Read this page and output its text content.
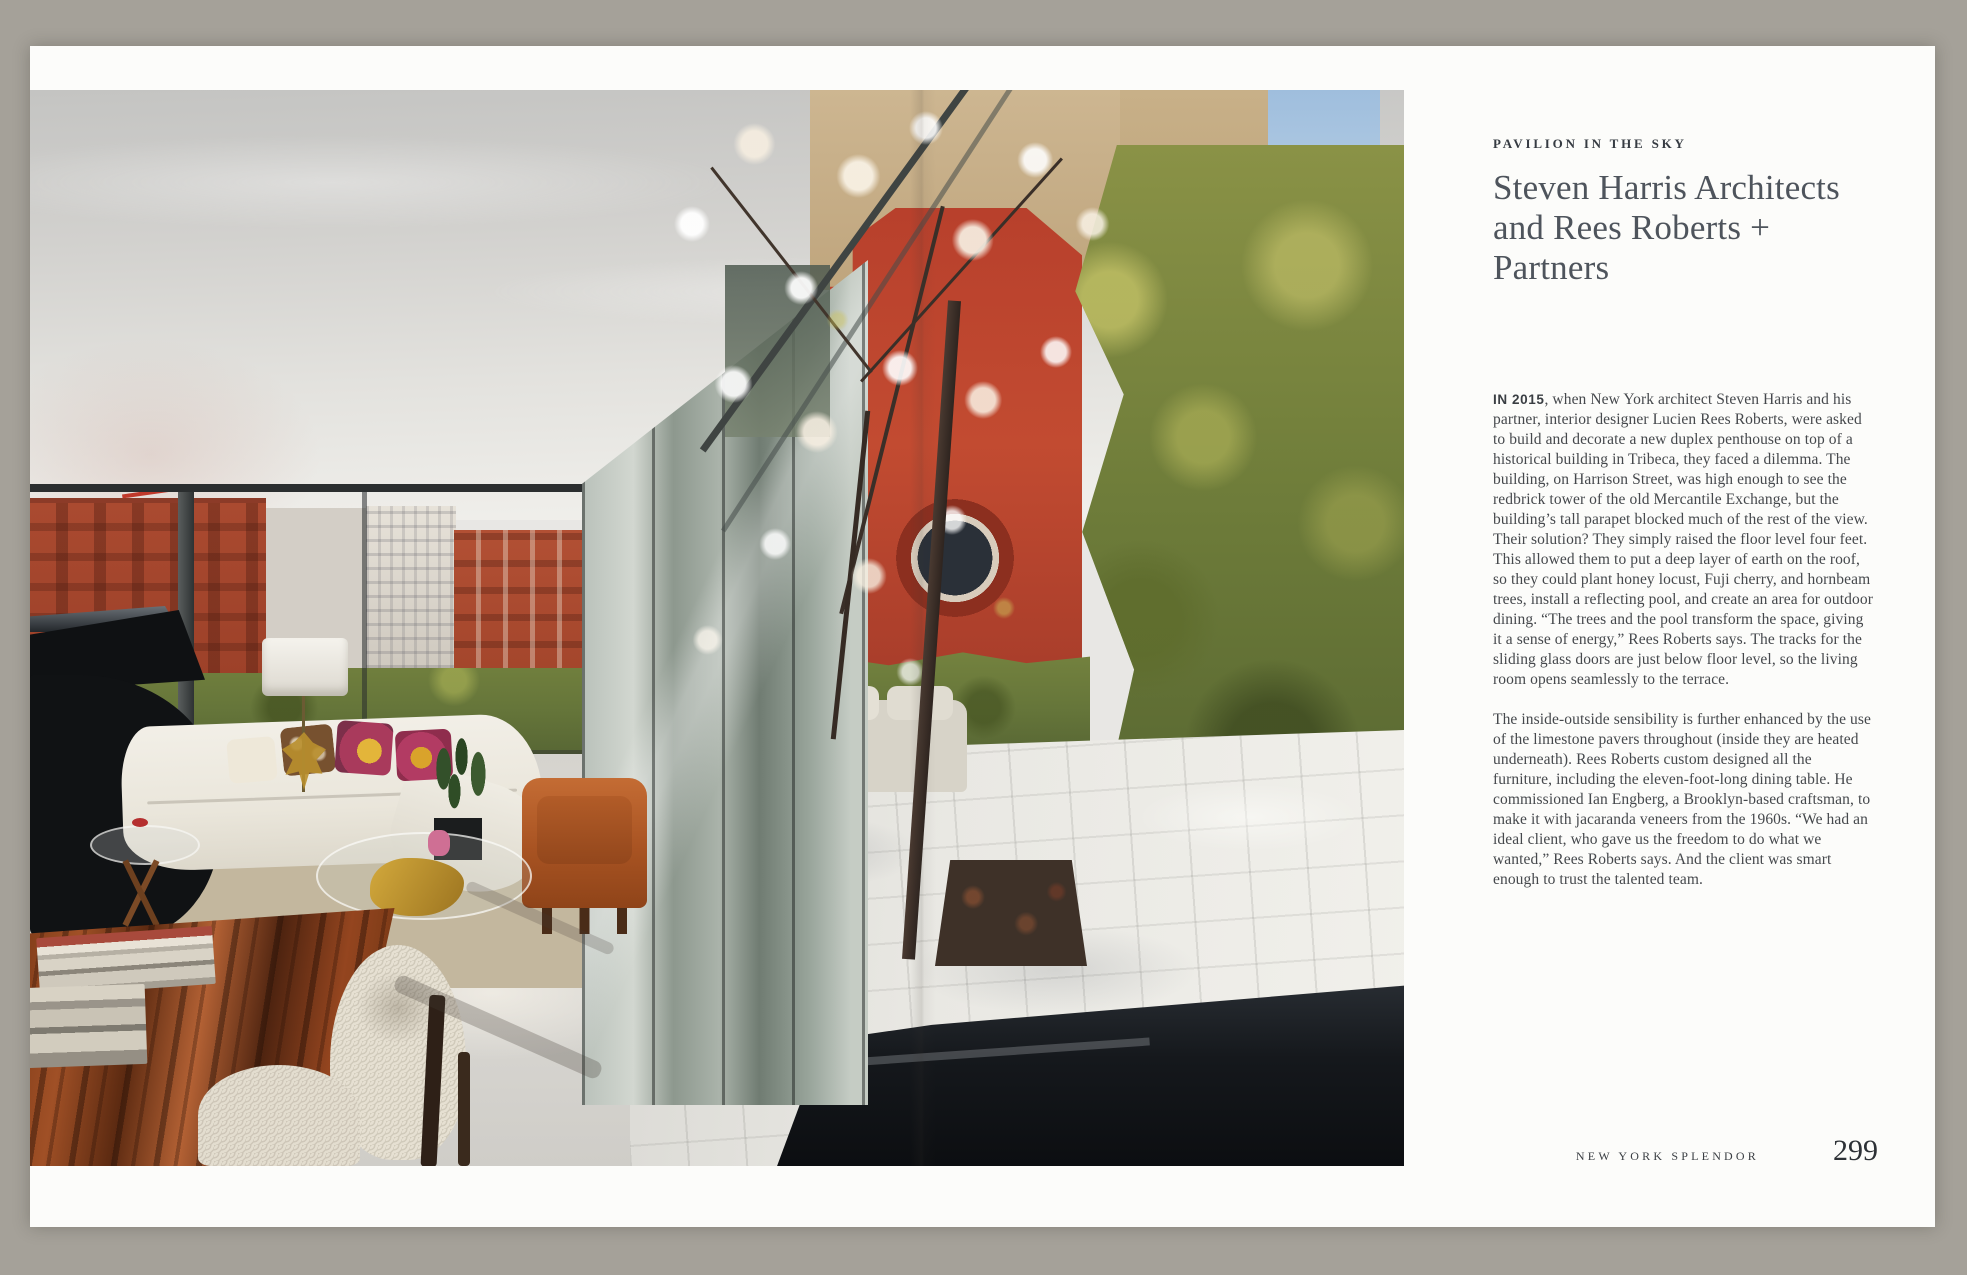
PAVILION IN THE SKY
Steven Harris Architects
and Rees Roberts +
Partners

IN 2015, when New York architect Steven Harris and his partner, interior designer Lucien Rees Roberts, were asked to build and decorate a new duplex penthouse on top of a historical building in Tribeca, they faced a dilemma. The building, on Harrison Street, was high enough to see the redbrick tower of the old Mercantile Exchange, but the building’s tall parapet blocked much of the rest of the view. Their solution? They simply raised the floor level four feet. This allowed them to put a deep layer of earth on the roof, so they could plant honey locust, Fuji cherry, and hornbeam trees, install a reflecting pool, and create an area for outdoor dining. “The trees and the pool transform the space, giving it a sense of energy,” Rees Roberts says. The tracks for the sliding glass doors are just below floor level, so the living room opens seamlessly to the terrace.

The inside-outside sensibility is further enhanced by the use of the limestone pavers throughout (inside they are heated underneath). Rees Roberts custom designed all the furniture, including the eleven-foot-long dining table. He commissioned Ian Engberg, a Brooklyn-based craftsman, to make it with jacaranda veneers from the 1960s. “We had an ideal client, who gave us the freedom to do what we wanted,” Rees Roberts says. And the client was smart enough to trust the talented team.

NEW YORK SPLENDOR 299
